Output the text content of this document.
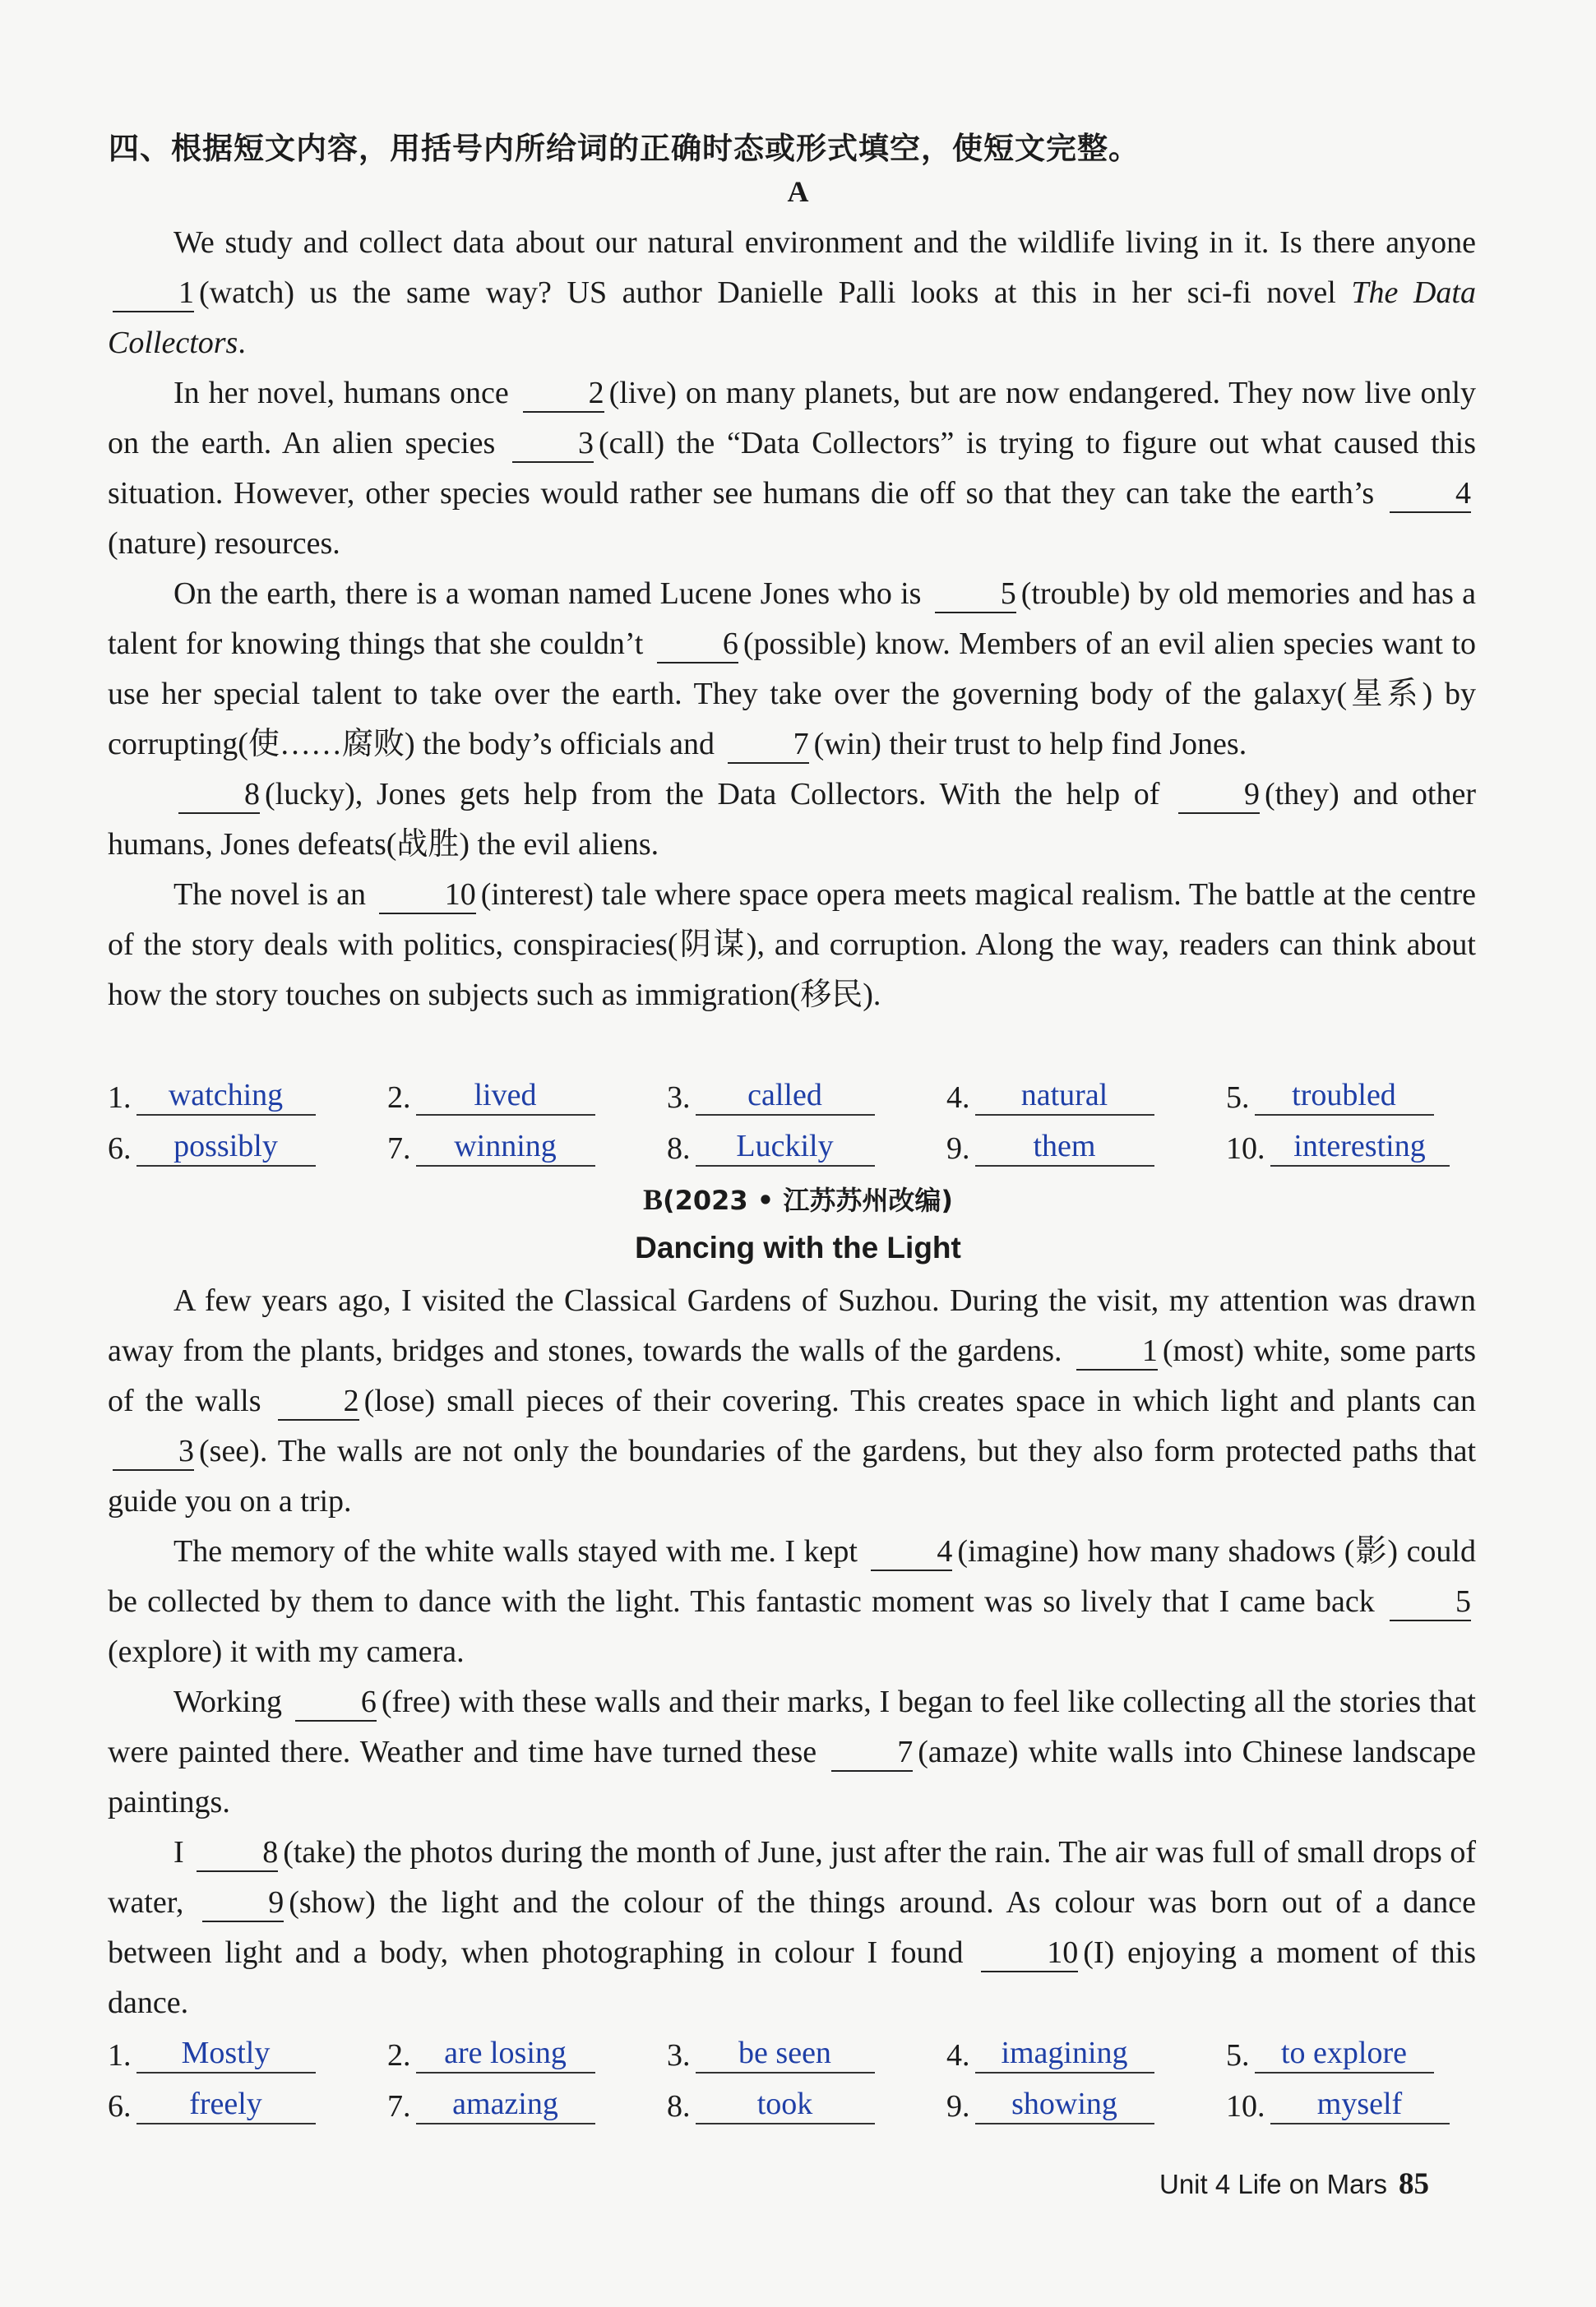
四、根据短文内容，用括号内所给词的正确时态或形式填空，使短文完整。
A

We study and collect data about our natural environment and the wildlife living in it. Is there anyone 1 (watch) us the same way? US author Danielle Palli looks at this in her sci-fi novel The Data Collectors.

In her novel, humans once 2 (live) on many planets, but are now endangered. They now live only on the earth. An alien species 3 (call) the “Data Collectors” is trying to figure out what caused this situation. However, other species would rather see humans die off so that they can take the earth’s 4(nature) resources.

On the earth, there is a woman named Lucene Jones who is 5 (trouble) by old memories and has a talent for knowing things that she couldn’t 6 (possible) know. Members of an evil alien species want to use her special talent to take over the earth. They take over the governing body of the galaxy(星系) by corrupting(使……腐败) the body’s officials and 7 (win) their trust to help find Jones.

8 (lucky), Jones gets help from the Data Collectors. With the help of 9 (they) and other humans, Jones defeats(战胜) the evil aliens.

The novel is an 10 (interest) tale where space opera meets magical realism. The battle at the centre of the story deals with politics, conspiracies(阴谋), and corruption. Along the way, readers can think about how the story touches on subjects such as immigration(移民).

1.	watching	2.	lived	3.	called	4.	natural	5.	troubled
6.	possibly	7.	winning	8.	Luckily	9.	them	10. interesting
B(2023 • 江苏苏州改编)
Dancing with the Light

A few years ago, I visited the Classical Gardens of Suzhou. During the visit, my attention was drawn away from the plants, bridges and stones, towards the walls of the gardens. 1 (most) white, some parts of the walls 2 (lose) small pieces of their covering. This creates space in which light and plants can 3 (see). The walls are not only the boundaries of the gardens, but they also form protected paths that guide you on a trip.

The memory of the white walls stayed with me. I kept 4 (imagine) how many shadows (影) could be collected by them to dance with the light. This fantastic moment was so lively that I came back 5(explore) it with my camera.

Working 6 (free) with these walls and their marks, I began to feel like collecting all the stories that were painted there. Weather and time have turned these 7 (amaze) white walls into Chinese landscape paintings.

I 8 (take) the photos during the month of June, just after the rain. The air was full of small drops of water, 9 (show) the light and the colour of the things around. As colour was born out of a dance between light and a body, when photographing in colour I found 10 (I) enjoying a moment of this dance.

1.	Mostly	2.	are losing	3.	be seen	4. imagining	5.	to explore
6.	freely	7.	amazing	8.	took	9.	showing	10.	myself
Unit 4 Life on Mars 85
